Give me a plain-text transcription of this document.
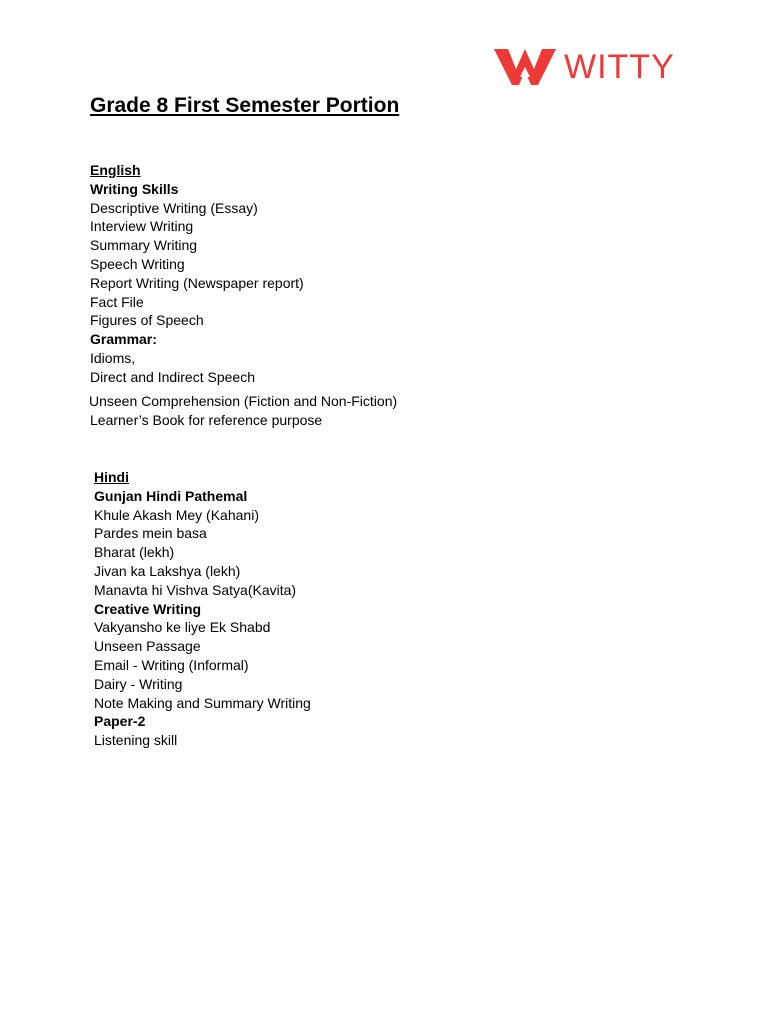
WITTY
Grade 8 First Semester Portion
English
Writing Skills
Descriptive Writing (Essay)
Interview Writing
Summary Writing
Speech Writing
Report Writing (Newspaper report)
Fact File
Figures of Speech
Grammar:
Idioms,
Direct and Indirect Speech
Unseen Comprehension (Fiction and Non-Fiction)
Learner’s Book for reference purpose
Hindi
Gunjan Hindi Pathemal
Khule Akash Mey (Kahani)
Pardes mein basa
Bharat (lekh)
Jivan ka Lakshya (lekh)
Manavta hi Vishva Satya(Kavita)
Creative Writing
Vakyansho ke liye Ek Shabd
Unseen Passage
Email - Writing (Informal)
Dairy - Writing
Note Making and Summary Writing
Paper-2
Listening skill
